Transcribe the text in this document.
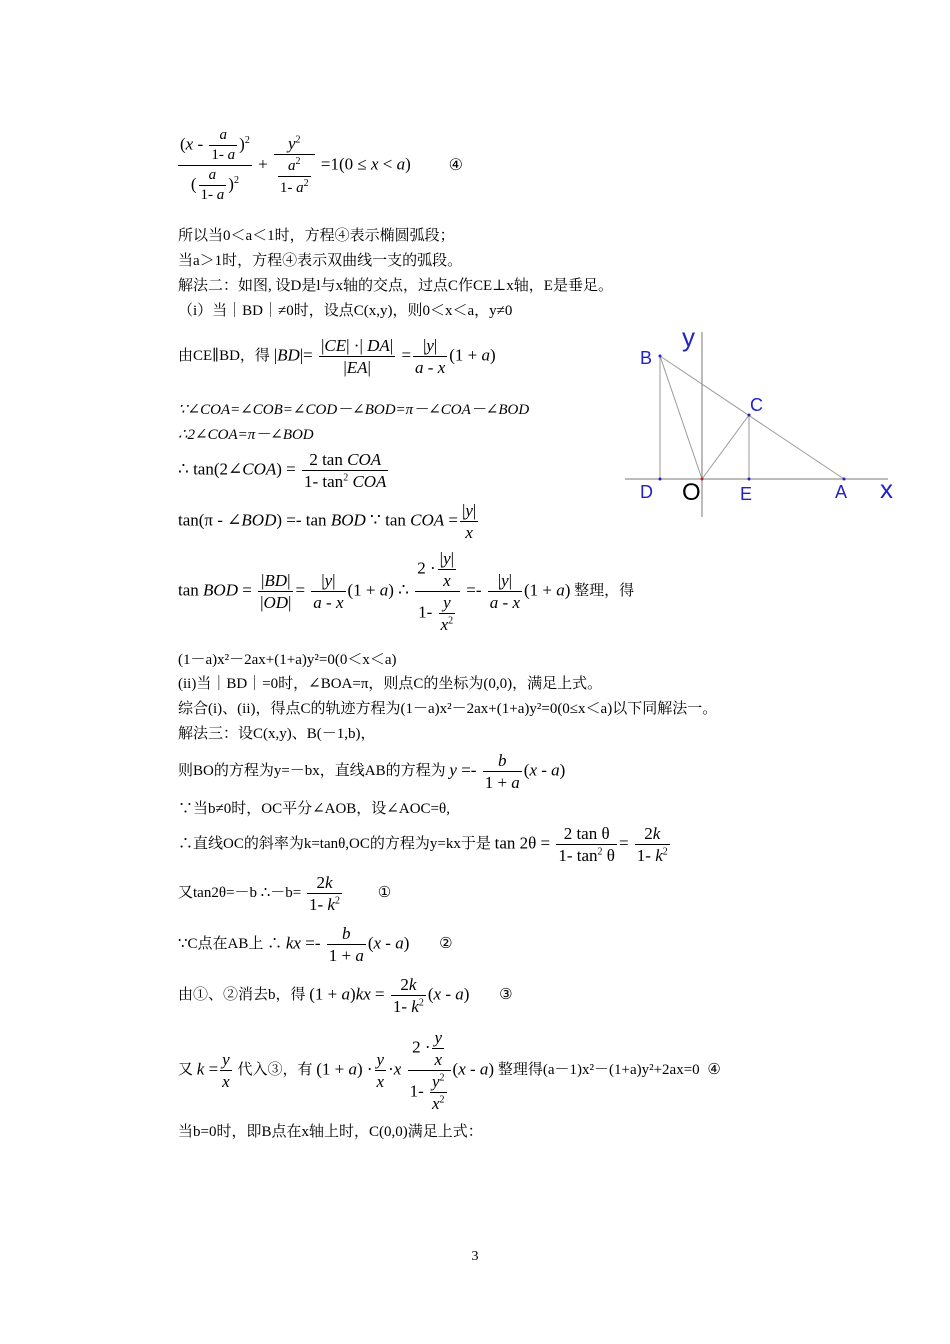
$\frac{(x - \frac{a}{1- a} )^2}{( \frac{a}{1- a} )^2} + \frac{y^2}{\frac{a^2}{1- a^2}} =1(0 \le x < a)$ ④
所以当0＜a＜1时，方程④表示椭圆弧段；
当a＞1时，方程④表示双曲线一支的弧段。
解法二：如图, 设D是l与x轴的交点，过点C作CE⊥x轴，E是垂足。
（i）当｜BD｜≠0时，设点C(x,y)，则0＜x＜a，y≠0
由CE∥BD，得 $|BD|= \frac{|CE| \cdot| DA|}{|EA|} = \frac{|y|}{a - x} (1 + a)$
∵∠COA=∠COB=∠COD－∠BOD=π－∠COA－∠BOD
∴2∠COA=π－∠BOD
∴ tan(2∠COA) = $\frac{\text{2 tan COA}}{1- \tan^2 COA}$
tan(π - ∠BOD) =- tan BOD ∵ tan COA = $\frac{|y|}{x}$
tan BOD = $\frac{|BD|}{|OD|} = \frac{|y|}{a - x} (1 + a)$ ∴ $\frac{2 \cdot \frac{|y|}{x}}{1- \frac{y}{x^2}} =- \frac{|y|}{a - x} (1 + a)$ 整理，得
(1－a)x²－2ax+(1+a)y²=0(0＜x＜a)
(ii)当｜BD｜=0时，∠BOA=π，则点C的坐标为(0,0)，满足上式。
综合(i)、(ii)，得点C的轨迹方程为(1－a)x²－2ax+(1+a)y²=0(0≤x＜a)以下同解法一。
解法三：设C(x,y)、B(－1,b)，
则BO的方程为y=－bx，直线AB的方程为 $y =- \frac{b}{1 + a} (x - a)$
∵当b≠0时，OC平分∠AOB，设∠AOC=θ,
∴直线OC的斜率为k=tanθ,OC的方程为y=kx于是 $\tan 2\theta = \frac{\text{2 tan θ}}{1- \tan^2 \theta} = \frac{2k}{1- k^2}$
又tan2θ=－b ∴－b= $\frac{2k}{1- k^2}$ ①
∵C点在AB上 ∴ kx =- $\frac{b}{1 + a} (x - a)$ ②
由①、②消去b，得 $(1 + a)kx = \frac{2k}{1- k^2} (x - a)$ ③
又 $k = \frac{y}{x}$ 代入③，有 $(1 + a) \cdot \frac{y}{x} \cdot x \frac{2 \cdot \frac{y}{x}}{1- \frac{y^2}{x^2}} (x - a)$ 整理得(a－1)x²－(1+a)y²+2ax=0 ④
当b=0时，即B点在x轴上时，C(0,0)满足上式：
y
x
B
C
D O E	A
3
